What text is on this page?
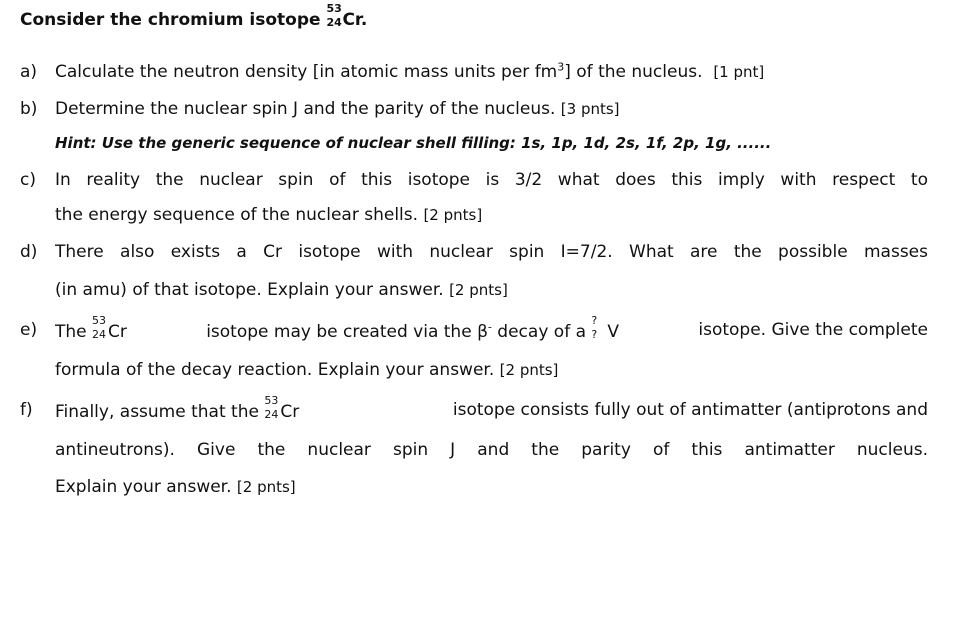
Consider the chromium isotope
53
24 Cr.
a) Calculate the neutron density [in atomic mass units per $fm^3$] of the nucleus. [1 pnt]
b) Determine the nuclear spin J and the parity of the nucleus. [3 pnts]
Hint: Use the generic sequence of nuclear shell filling: 1s, 1p, 1d, 2s, 1f, 2p, 1g, ......
c) In reality the nuclear spin of this isotope is 3/2 what does this imply with respect to
the energy sequence of the nuclear shells. [2 pnts]
d) There also exists a Cr isotope with nuclear spin I=7/2. What are the possible masses
(in amu) of that isotope. Explain your answer. [2 pnts]
e) The
53
24 Cr	isotope may be created via the β- decay of a
?
? V	isotope. Give the complete
formula of the decay reaction. Explain your answer. [2 pnts]
f) Finally, assume that the
53
24 Cr	isotope consists fully out of antimatter (antiprotons and
antineutrons). Give the nuclear spin J and the parity of this antimatter nucleus.
Explain your answer. [2 pnts]
